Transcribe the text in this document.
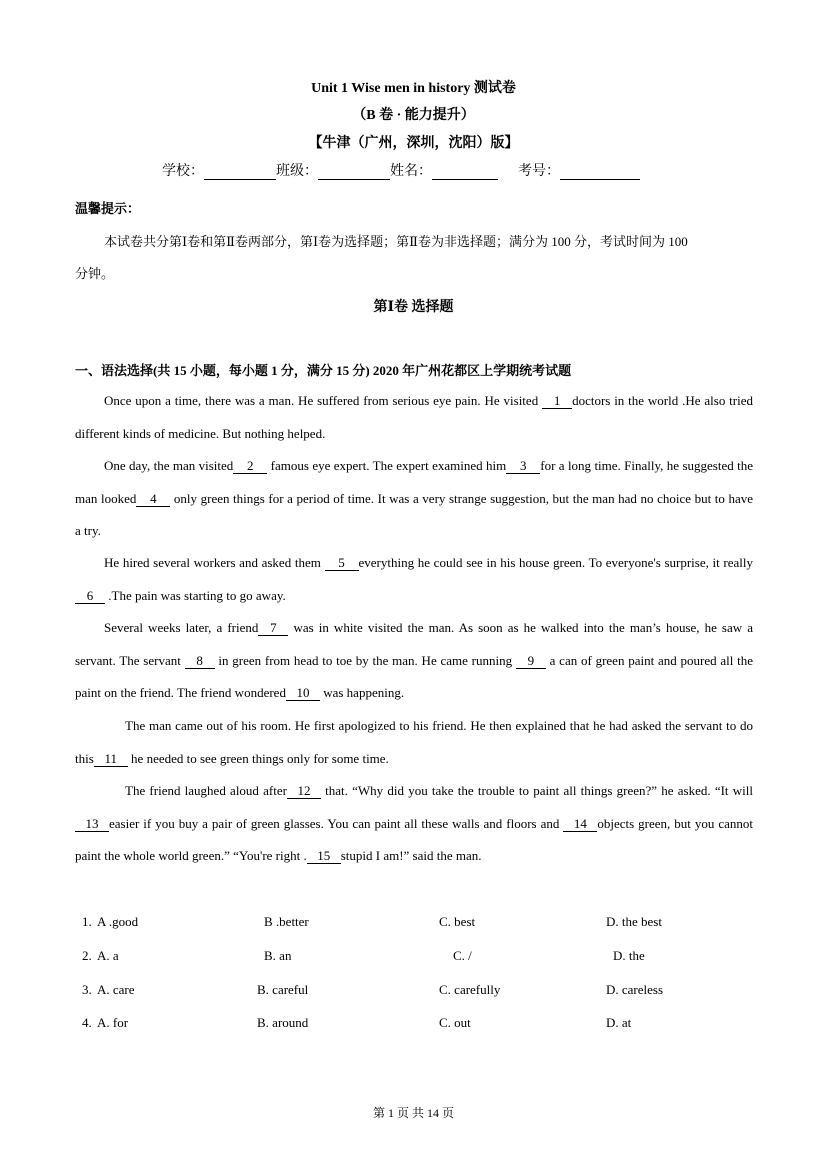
Unit 1 Wise men in history 测试卷
（B 卷 · 能力提升）
【牛津（广州，深圳，沈阳）版】
学校：	班级：	姓名：	考号：
温馨提示：
本试卷共分第Ⅰ卷和第Ⅱ卷两部分，第Ⅰ卷为选择题；第Ⅱ卷为非选择题；满分为 100 分，考试时间为 100
分钟。
第Ⅰ卷 选择题
一、语法选择(共 15 小题，每小题 1 分，满分 15 分) 2020 年广州花都区上学期统考试题
Once upon a time, there was a man. He suffered from serious eye pain. He visited 1 doctors in the world .He also tried different kinds of medicine. But nothing helped.
One day, the man visited 2 famous eye expert. The expert examined him 3 for a long time. Finally, he suggested the man looked 4 only green things for a period of time. It was a very strange suggestion, but the man had no choice but to have a try.
He hired several workers and asked them 5 everything he could see in his house green. To everyone's surprise, it really6 .The pain was starting to go away.
Several weeks later, a friend 7 was in white visited the man. As soon as he walked into the man’s house, he saw a servant. The servant 8 in green from head to toe by the man. He came running 9 a can of green paint and poured all the paint on the friend. The friend wondered 10 was happening.
The man came out of his room. He first apologized to his friend. He then explained that he had asked the servant to do this 11 he needed to see green things only for some time.
The friend laughed aloud after 12 that. “Why did you take the trouble to paint all things green?” he asked. “It will13 easier if you buy a pair of green glasses. You can paint all these walls and floors and 14 objects green, but you cannot paint the whole world green.” “You're right . 15 stupid I am!” said the man.
1. A .good	B .better	C. best	D. the best
2. A. a	B. an	C. /	D. the
3. A. care	B. careful	C. carefully	D. careless
4. A. for	B. around	C. out	D. at
第 1 页 共 14 页
